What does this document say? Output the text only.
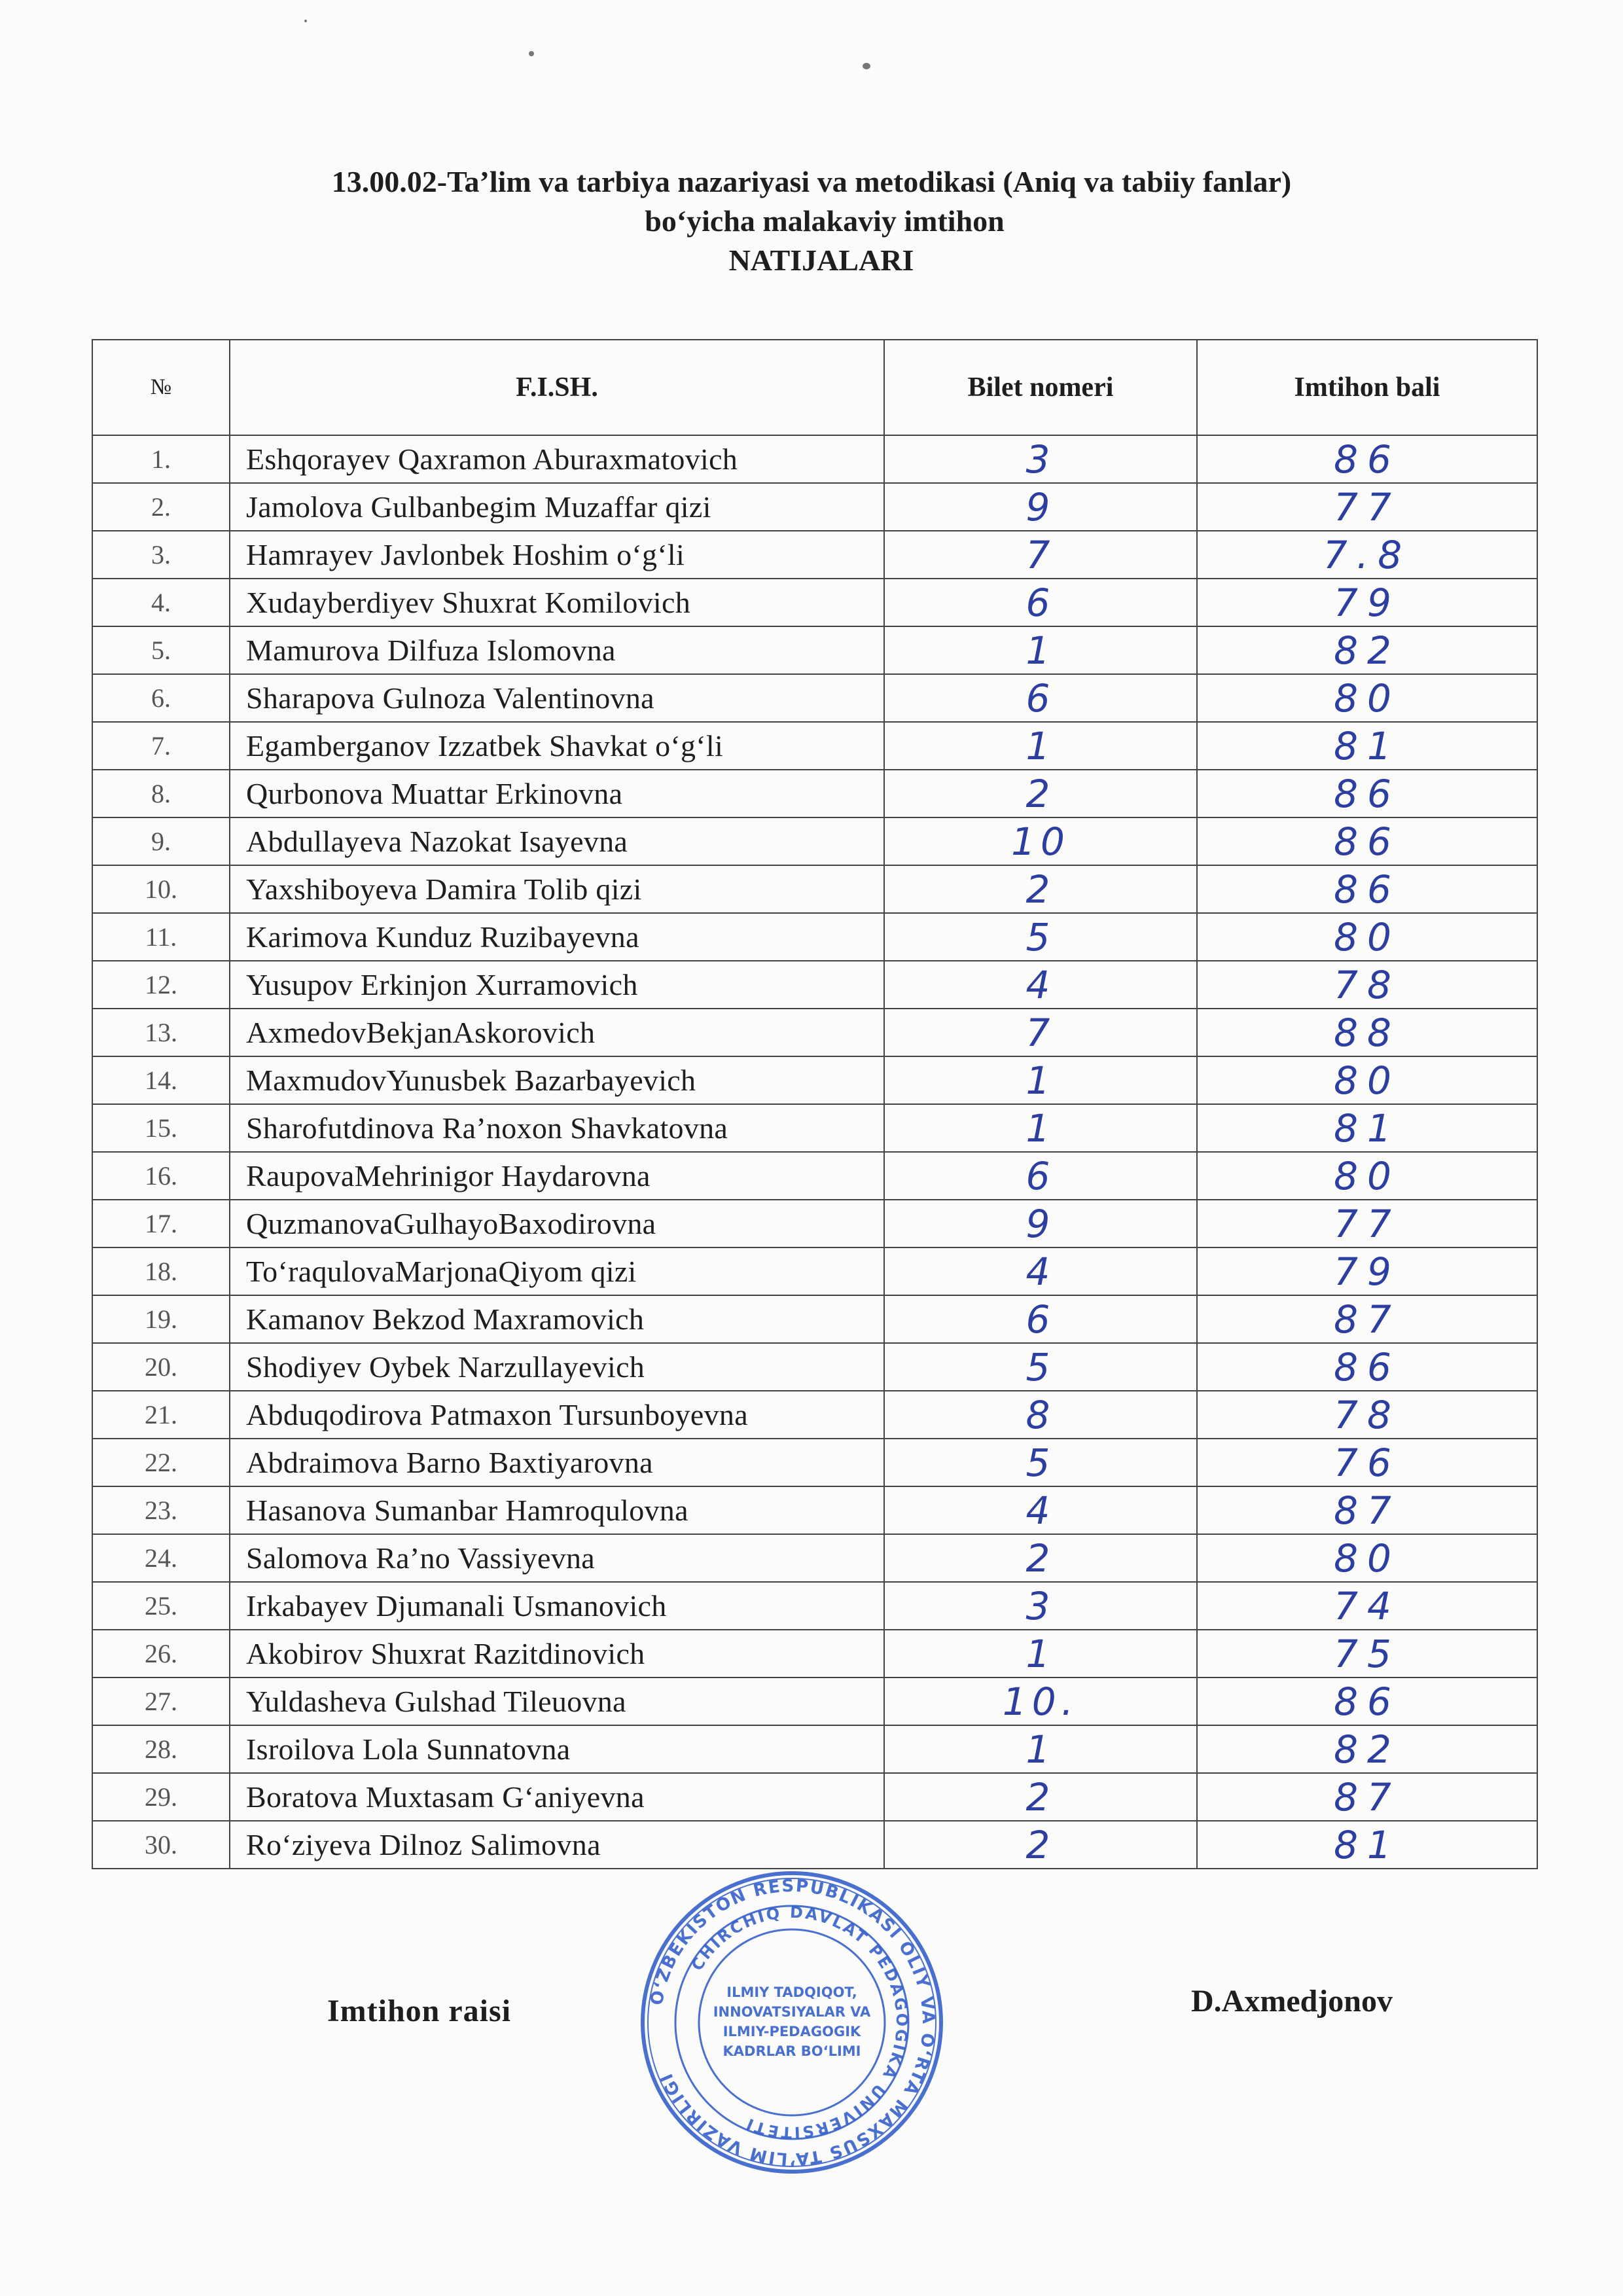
13.00.02-Ta’lim va tarbiya nazariyasi va metodikasi (Aniq va tabiiy fanlar)
bo‘yicha malakaviy imtihon
NATIJALARI
№	F.I.SH.	Bilet nomeri	Imtihon bali
1.	Eshqorayev Qaxramon Aburaxmatovich	3	86
2.	Jamolova Gulbanbegim Muzaffar qizi	9	77
3.	Hamrayev Javlonbek Hoshim o‘g‘li	7	7.8
4.	Xudayberdiyev Shuxrat Komilovich	6	79
5.	Mamurova Dilfuza Islomovna	1	82
6.	Sharapova Gulnoza Valentinovna	6	80
7.	Egamberganov Izzatbek Shavkat o‘g‘li	1	81
8.	Qurbonova Muattar Erkinovna	2	86
9.	Abdullayeva Nazokat Isayevna	10	86
10.	Yaxshiboyeva Damira Tolib qizi	2	86
11.	Karimova Kunduz Ruzibayevna	5	80
12.	Yusupov Erkinjon Xurramovich	4	78
13.	AxmedovBekjanAskorovich	7	88
14.	MaxmudovYunusbek Bazarbayevich	1	80
15.	Sharofutdinova Ra’noxon Shavkatovna	1	81
16.	RaupovaMehrinigor Haydarovna	6	80
17.	QuzmanovaGulhayoBaxodirovna	9	77
18.	To‘raqulovaMarjonaQiyom qizi	4	79
19.	Kamanov Bekzod Maxramovich	6	87
20.	Shodiyev Oybek Narzullayevich	5	86
21.	Abduqodirova Patmaxon Tursunboyevna	8	78
22.	Abdraimova Barno Baxtiyarovna	5	76
23.	Hasanova Sumanbar Hamroqulovna	4	87
24.	Salomova Ra’no Vassiyevna	2	80
25.	Irkabayev Djumanali Usmanovich	3	74
26.	Akobirov Shuxrat Razitdinovich	1	75
27.	Yuldasheva Gulshad Tileuovna	10.	86
28.	Isroilova Lola Sunnatovna	1	82
29.	Boratova Muxtasam G‘aniyevna	2	87
30.	Ro‘ziyeva Dilnoz Salimovna	2	81
Imtihon raisi	O‘ZBEKISTON RESPUBLIKASI OLIY VA O‘RTA MAXSUS TA’LIM VAZIRLIGI
CHIRCHIQ DAVLAT PEDAGOGIKA UNIVERSITETI
ILMIY TADQIQOT,
INNOVATSIYALAR VA
ILMIY-PEDAGOGIK
KADRLAR BO‘LIMI
D.Axmedjonov
